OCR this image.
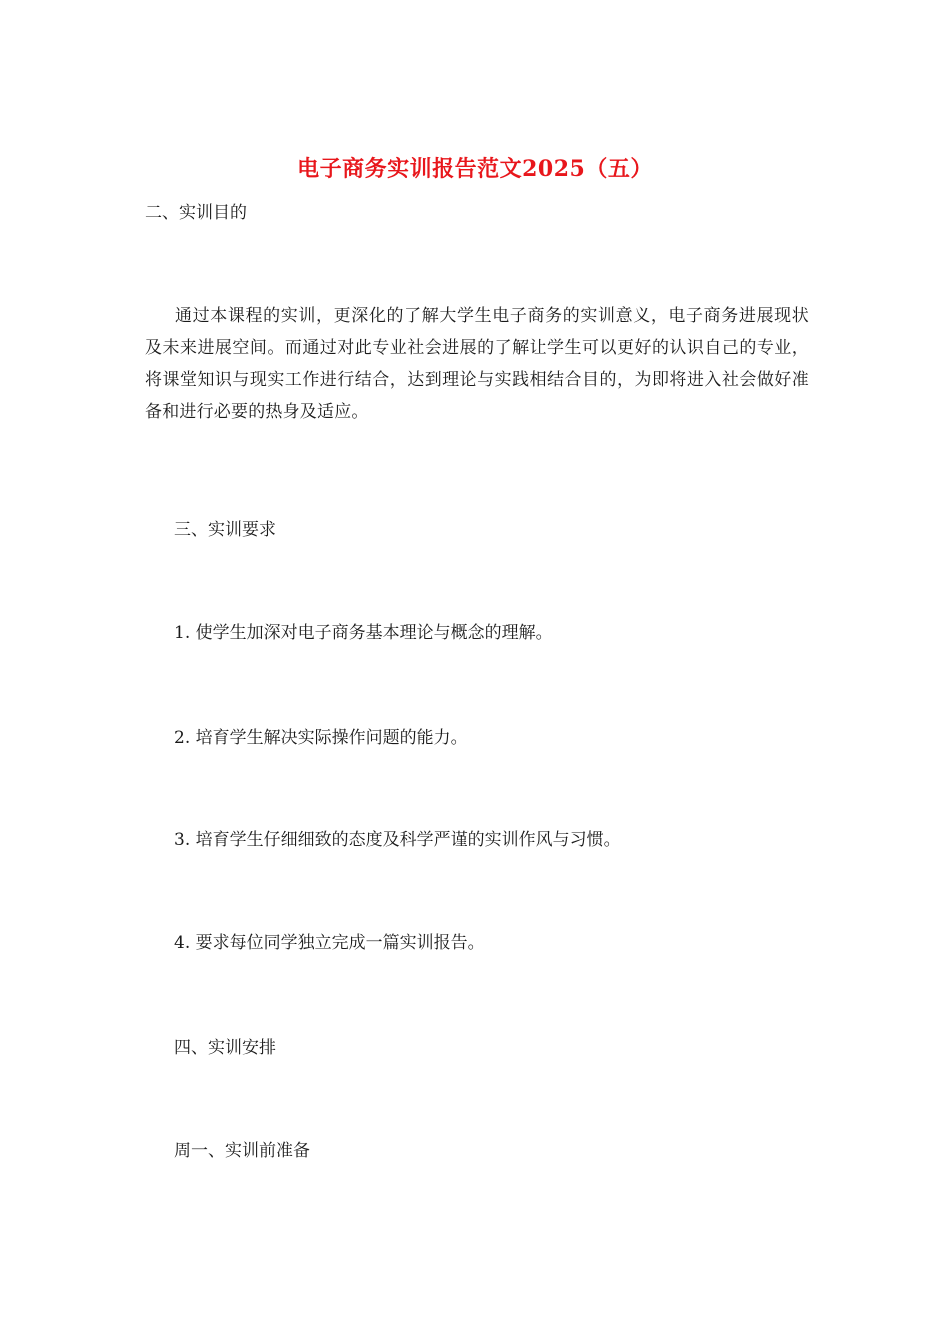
电子商务实训报告范文2025（五）
二、实训目的
通过本课程的实训，更深化的了解大学生电子商务的实训意义，电子商务进展现状及未来进展空间。而通过对此专业社会进展的了解让学生可以更好的认识自己的专业，将课堂知识与现实工作进行结合，达到理论与实践相结合目的，为即将进入社会做好准备和进行必要的热身及适应。
三、实训要求
1. 使学生加深对电子商务基本理论与概念的理解。
2. 培育学生解决实际操作问题的能力。
3. 培育学生仔细细致的态度及科学严谨的实训作风与习惯。
4. 要求每位同学独立完成一篇实训报告。
四、实训安排
周一、实训前准备
